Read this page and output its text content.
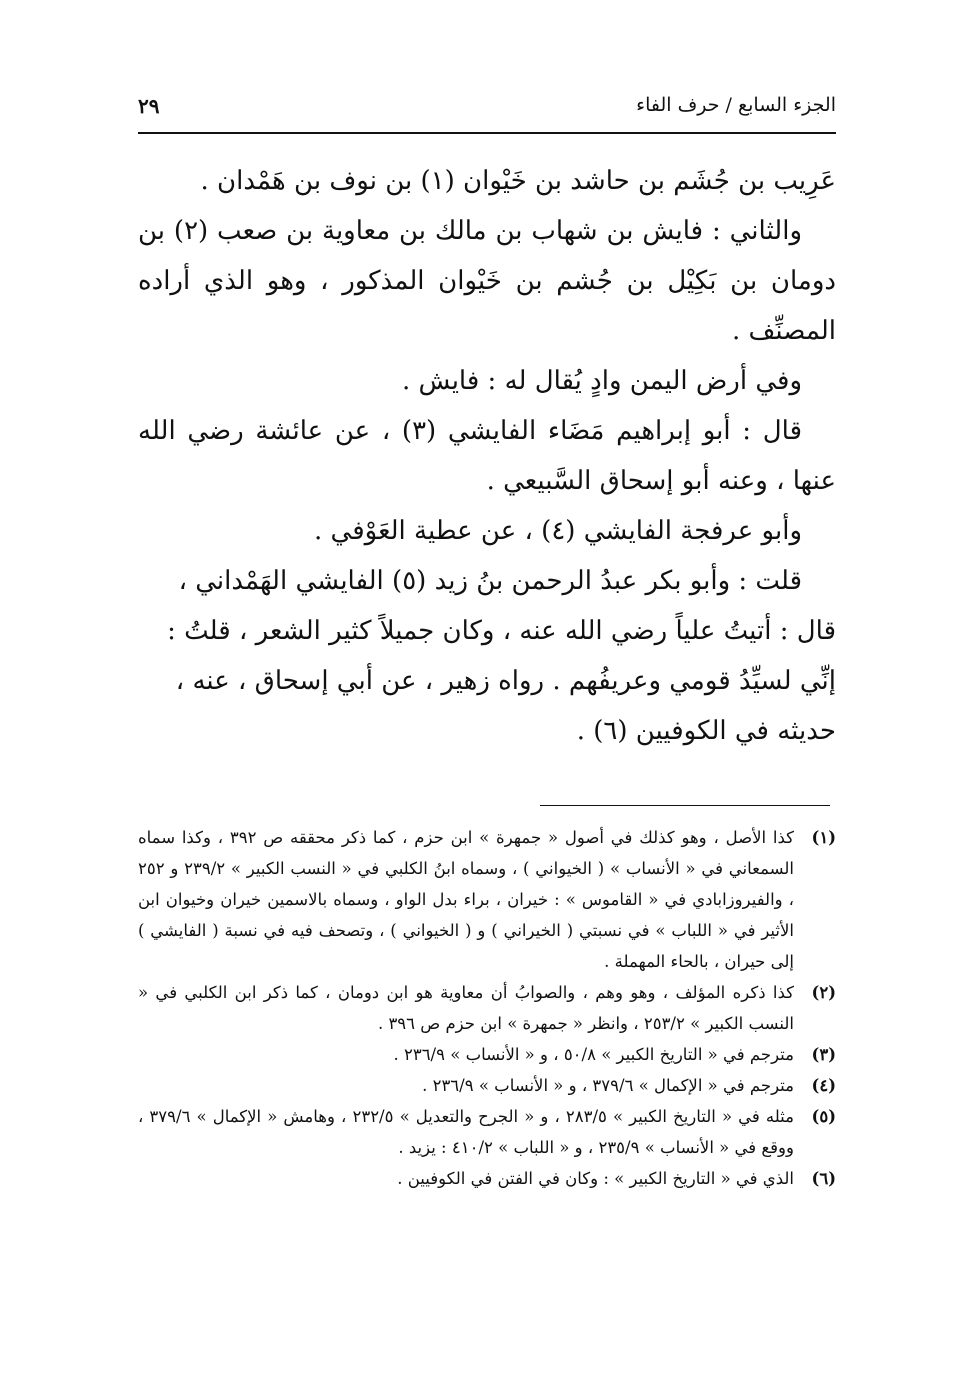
الجزء السابع / حرف الفاء
٢٩

عَرِيب بن جُشَم بن حاشد بن خَيْوان (١) بن نوف بن هَمْدان .

والثاني : فايش بن شهاب بن مالك بن معاوية بن صعب (٢) بن دومان بن بَكِيْل بن جُشم بن خَيْوان المذكور ، وهو الذي أراده المصنِّف .

وفي أرض اليمن وادٍ يُقال له : فايش .

قال : أبو إبراهيم مَضَاء الفايشي (٣) ، عن عائشة رضي الله عنها ، وعنه أبو إسحاق السَّبيعي .

وأبو عرفجة الفايشي (٤) ، عن عطية العَوْفي .

قلت : وأبو بكر عبدُ الرحمن بنُ زيد (٥) الفايشي الهَمْداني ، قال : أتيتُ علياً رضي الله عنه ، وكان جميلاً كثير الشعر ، قلتُ : إنِّي لسيِّدُ قومي وعريفُهم . رواه زهير ، عن أبي إسحاق ، عنه ، حديثه في الكوفيين (٦) .

(١)
كذا الأصل ، وهو كذلك في أصول « جمهرة » ابن حزم ، كما ذكر محققه ص ٣٩٢ ، وكذا سماه السمعاني في « الأنساب » ( الخيواني ) ، وسماه ابنُ الكلبي في « النسب الكبير » ٢٣٩/٢ و ٢٥٢ ، والفيروزابادي في « القاموس » : خيران ، براء بدل الواو ، وسماه بالاسمين خيران وخيوان ابن الأثير في « اللباب » في نسبتي ( الخيراني ) و ( الخيواني ) ، وتصحف فيه في نسبة ( الفايشي ) إلى حيران ، بالحاء المهملة .
(٢)
كذا ذكره المؤلف ، وهو وهم ، والصوابُ أن معاوية هو ابن دومان ، كما ذكر ابن الكلبي في « النسب الكبير » ٢٥٣/٢ ، وانظر « جمهرة » ابن حزم ص ٣٩٦ .
(٣)
مترجم في « التاريخ الكبير » ٥٠/٨ ، و « الأنساب » ٢٣٦/٩ .
(٤)
مترجم في « الإكمال » ٣٧٩/٦ ، و « الأنساب » ٢٣٦/٩ .
(٥)
مثله في « التاريخ الكبير » ٢٨٣/٥ ، و « الجرح والتعديل » ٢٣٢/٥ ، وهامش « الإكمال » ٣٧٩/٦ ، ووقع في « الأنساب » ٢٣٥/٩ ، و « اللباب » ٤١٠/٢ : يزيد .
(٦)
الذي في « التاريخ الكبير » : وكان في الفتن في الكوفيين .
